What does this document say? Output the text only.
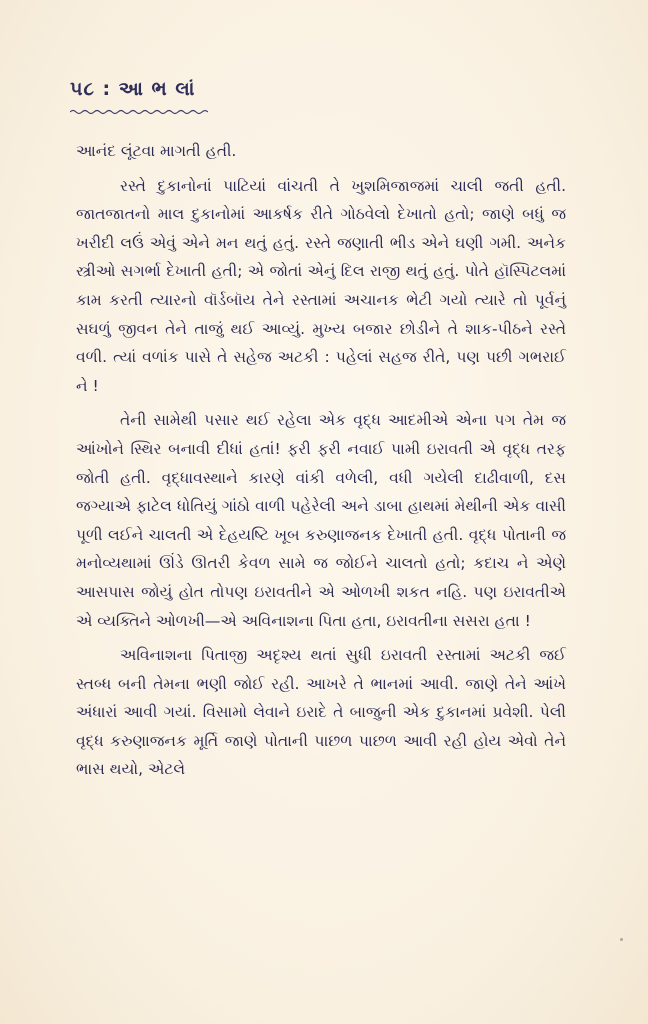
૫૮ : આ ભ લાં

આનંદ લૂંટવા માગતી હતી.

રસ્તે દુકાનોનાં પાટિયાં વાંચતી તે ખુશમિજાજમાં ચાલી જતી હતી. જાતજાતનો માલ દુકાનોમાં આકર્ષક રીતે ગોઠવેલો દેખાતો હતો; જાણે બધું જ ખરીદી લઉં એવું એને મન થતું હતું. રસ્તે જણાતી ભીડ એને ઘણી ગમી. અનેક સ્ત્રીઓ સગર્ભા દેખાતી હતી; એ જોતાં એનું દિલ રાજી થતું હતું. પોતે હૉસ્પિટલમાં કામ કરતી ત્યારનો વૉર્ડબૉય તેને રસ્તામાં અચાનક ભેટી ગયો ત્યારે તો પૂર્વનું સઘળું જીવન તેને તાજું થઈ આવ્યું. મુખ્ય બજાર છોડીને તે શાક-પીઠને રસ્તે વળી. ત્યાં વળાંક પાસે તે સહેજ અટકી : પહેલાં સહજ રીતે, પણ પછી ગભરાઈ ને !

તેની સામેથી પસાર થઈ રહેલા એક વૃદ્ધ આદમીએ એના પગ તેમ જ આંખોને સ્થિર બનાવી દીધાં હતાં! ફરી ફરી નવાઈ પામી ઇરાવતી એ વૃદ્ધ તરફ જોતી હતી. વૃદ્ધાવસ્થાને કારણે વાંકી વળેલી, વધી ગયેલી દાઢીવાળી, દસ જગ્યાએ ફાટેલ ધોતિયું ગાંઠો વાળી પહેરેલી અને ડાબા હાથમાં મેથીની એક વાસી પૂળી લઈને ચાલતી એ દેહયષ્ટિ ખૂબ કરુણાજનક દેખાતી હતી. વૃદ્ધ પોતાની જ મનોવ્યથામાં ઊંડે ઊતરી કેવળ સામે જ જોઈને ચાલતો હતો; કદાચ ને એણે આસપાસ જોયું હોત તોપણ ઇરાવતીને એ ઓળખી શકત નહિ. પણ ઇરાવતીએ એ વ્યક્તિને ઓળખી—એ અવિનાશના પિતા હતા, ઇરાવતીના સસરા હતા !

અવિનાશના પિતાજી અદૃશ્ય થતાં સુધી ઇરાવતી રસ્તામાં અટકી જઈ સ્તબ્ધ બની તેમના ભણી જોઈ રહી. આખરે તે ભાનમાં આવી. જાણે તેને આંખે અંધારાં આવી ગયાં. વિસામો લેવાને ઇરાદે તે બાજુની એક દુકાનમાં પ્રવેશી. પેલી વૃદ્ધ કરુણાજનક મૂર્તિ જાણે પોતાની પાછળ પાછળ આવી રહી હોય એવો તેને ભાસ થયો, એટલે
